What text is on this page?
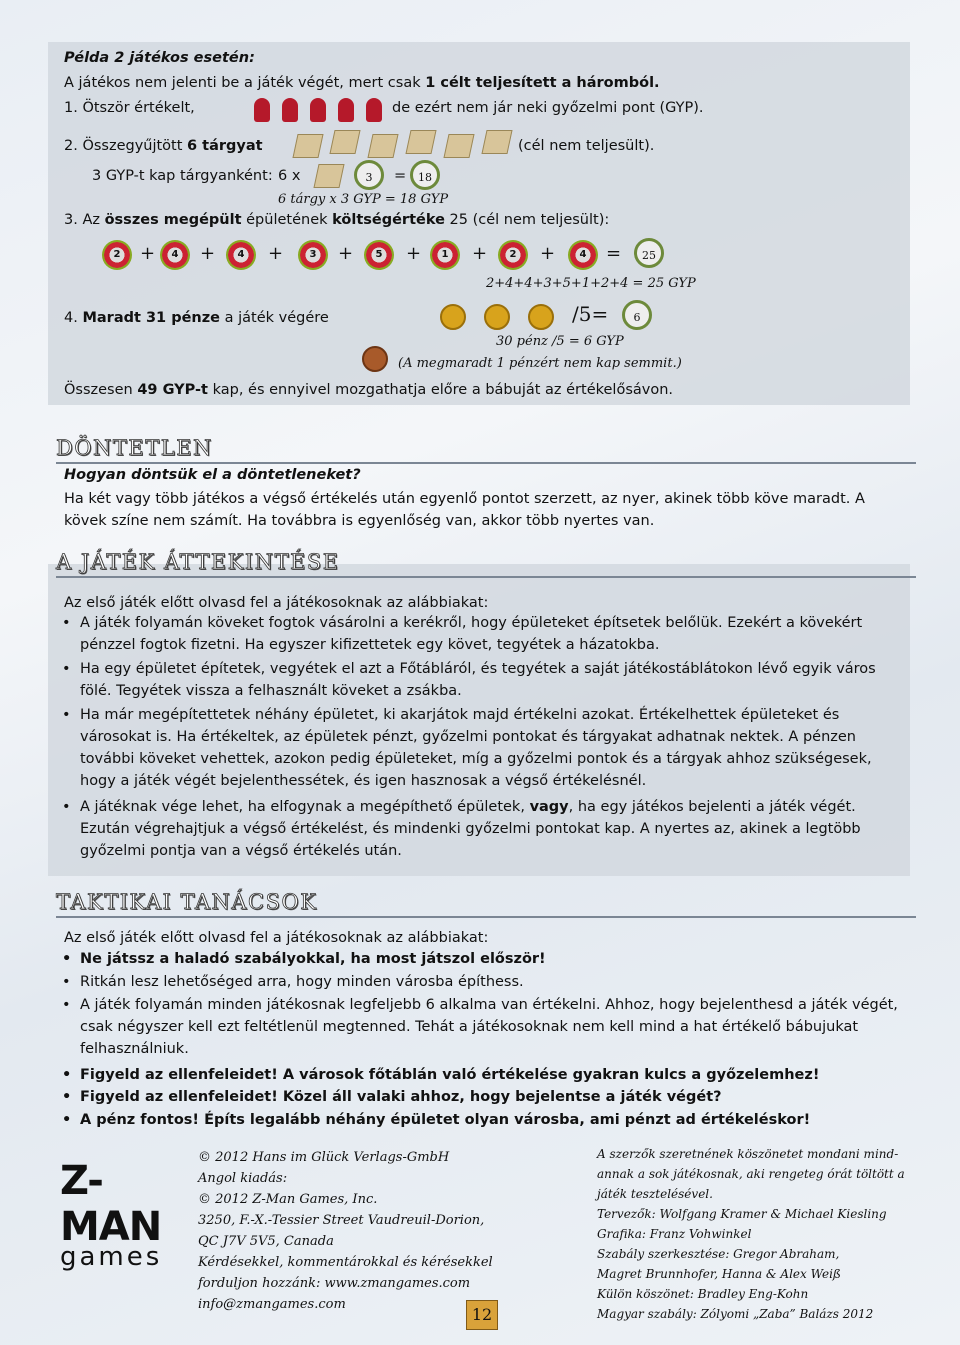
Példa 2 játékos esetén:
A játékos nem jelenti be a játék végét, mert csak 1 célt teljesített a háromból.
1. Ötször értékelt,	de ezért nem jár neki győzelmi pont (GYP).
2. Összegyűjtött 6 tárgyat	(cél nem teljesült).
3 GYP-t kap tárgyanként: 6 x	3	=	18
6 tárgy x 3 GYP = 18 GYP
3. Az összes megépült épületének költségértéke 25 (cél nem teljesült):
2	+	4	+	4	+	3	+	5	+	1	+	2	+	4	=	25
2+4+4+3+5+1+2+4 = 25 GYP
4. Maradt 31 pénze a játék végére	/5=	6
30 pénz /5 = 6 GYP
(A megmaradt 1 pénzért nem kap semmit.)
Összesen 49 GYP-t kap, és ennyivel mozgathatja előre a bábuját az értékelősávon.
DÖNTETLEN
Hogyan döntsük el a döntetleneket?
Ha két vagy több játékos a végső értékelés után egyenlő pontot szerzett, az nyer, akinek több köve maradt. A kövek színe nem számít. Ha továbbra is egyenlőség van, akkor több nyertes van.
A JÁTÉK ÁTTEKINTÉSE
Az első játék előtt olvasd fel a játékosoknak az alábbiakat:
• A játék folyamán köveket fogtok vásárolni a kerékről, hogy épületeket építsetek belőlük. Ezekért a kövekért pénzzel fogtok fizetni. Ha egyszer kifizettetek egy követ, tegyétek a házatokba.
• Ha egy épületet építetek, vegyétek el azt a Főtábláról, és tegyétek a saját játékostáblátokon lévő egyik város fölé. Tegyétek vissza a felhasznált köveket a zsákba.
• Ha már megépítettetek néhány épületet, ki akarjátok majd értékelni azokat. Értékelhettek épületeket és városokat is. Ha értékeltek, az épületek pénzt, győzelmi pontokat és tárgyakat adhatnak nektek. A pénzen további köveket vehettek, azokon pedig épületeket, míg a győzelmi pontok és a tárgyak ahhoz szükségesek, hogy a játék végét bejelenthessétek, és igen hasznosak a végső értékelésnél.
• A játéknak vége lehet, ha elfogynak a megépíthető épületek, vagy, ha egy játékos bejelenti a játék végét. Ezután végrehajtjuk a végső értékelést, és mindenki győzelmi pontokat kap. A nyertes az, akinek a legtöbb győzelmi pontja van a végső értékelés után.
TAKTIKAI TANÁCSOK
Az első játék előtt olvasd fel a játékosoknak az alábbiakat:
• Ne játssz a haladó szabályokkal, ha most játszol először!
• Ritkán lesz lehetőséged arra, hogy minden városba építhess.
• A játék folyamán minden játékosnak legfeljebb 6 alkalma van értékelni. Ahhoz, hogy bejelenthesd a játék végét, csak négyszer kell ezt feltétlenül megtenned. Tehát a játékosoknak nem kell mind a hat értékelő bábujukat felhasználniuk.
• Figyeld az ellenfeleidet! A városok főtáblán való értékelése gyakran kulcs a győzelemhez!
• Figyeld az ellenfeleidet! Közel áll valaki ahhoz, hogy bejelentse a játék végét?
• A pénz fontos! Építs legalább néhány épületet olyan városba, ami pénzt ad értékeléskor!
Z-MAN
games
© 2012 Hans im Glück Verlags-GmbH
Angol kiadás:
© 2012 Z-Man Games, Inc.
3250, F.-X.-Tessier Street Vaudreuil-Dorion,
QC J7V 5V5, Canada
Kérdésekkel, kommentárokkal és kérésekkel
forduljon hozzánk: www.zmangames.com
info@zmangames.com
12
A szerzők szeretnének köszönetet mondani mind-
annak a sok játékosnak, aki rengeteg órát töltött a
játék tesztelésével.
Tervezők: Wolfgang Kramer & Michael Kiesling
Grafika: Franz Vohwinkel
Szabály szerkesztése: Gregor Abraham,
Magret Brunnhofer, Hanna & Alex Weiß
Külön köszönet: Bradley Eng-Kohn
Magyar szabály: Zólyomi „Zaba” Balázs 2012
